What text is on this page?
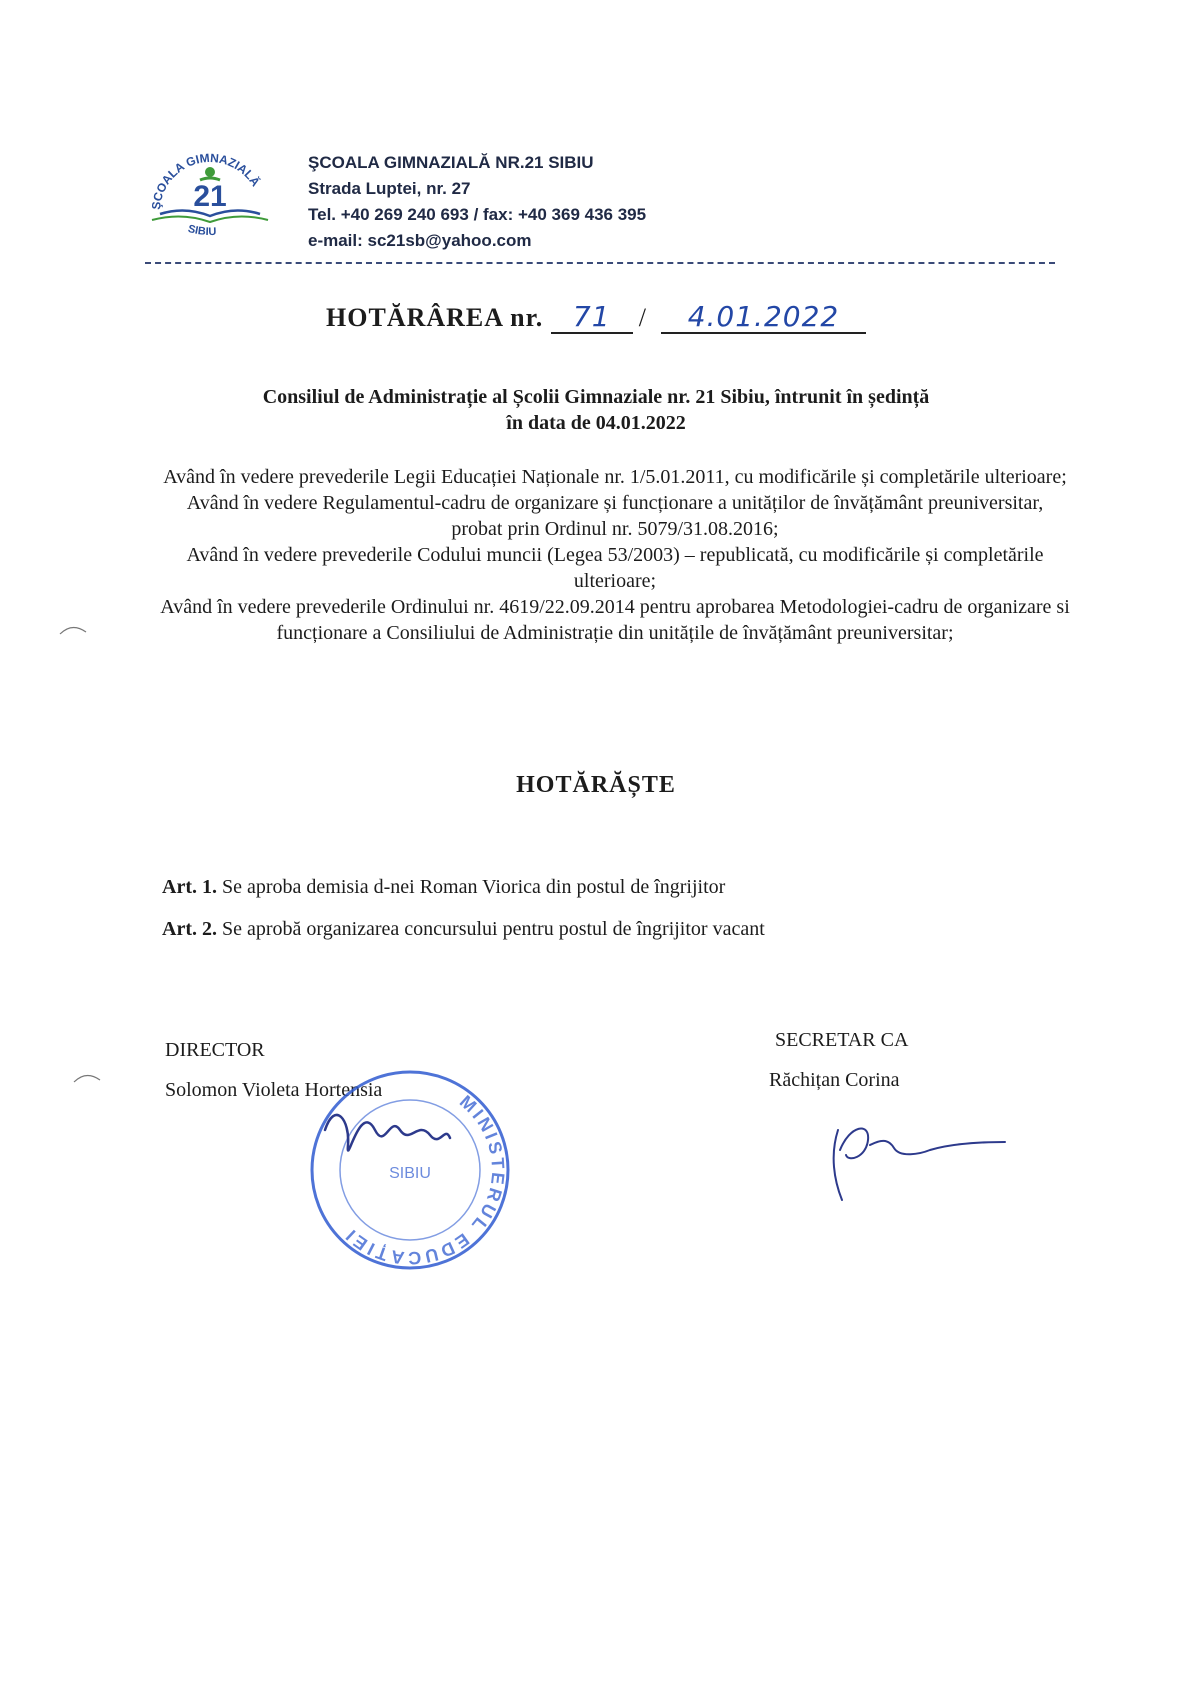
ŞCOALA GIMNAZIALĂ
21
SIBIU
ŞCOALA GIMNAZIALĂ NR.21 SIBIU
Strada Luptei, nr. 27
Tel. +40 269 240 693 / fax: +40 369 436 395
e-mail: sc21sb@yahoo.com
HOTĂRÂREA nr. 71 / 4.01.2022
Consiliul de Administrație al Școlii Gimnaziale nr. 21 Sibiu, întrunit în ședință
în data de 04.01.2022

Având în vedere prevederile Legii Educației Naționale nr. 1/5.01.2011, cu modificările și completările ulterioare;

Având în vedere Regulamentul-cadru de organizare și funcționare a unităților de învățământ preuniversitar, probat prin Ordinul nr. 5079/31.08.2016;

Având în vedere prevederile Codului muncii (Legea 53/2003) – republicată, cu modificările și completările ulterioare;

Având în vedere prevederile Ordinului nr. 4619/22.09.2014 pentru aprobarea Metodologiei-cadru de organizare si funcționare a Consiliului de Administrație din unitățile de învățământ preuniversitar;

HOTĂRĂȘTE
Art. 1. Se aproba demisia d-nei Roman Viorica din postul de îngrijitor
Art. 2. Se aprobă organizarea concursului pentru postul de îngrijitor vacant
DIRECTOR
Solomon Violeta Hortensia
SECRETAR CA
Răchițan Corina
MINISTERUL EDUCAȚIEI
SIBIU
